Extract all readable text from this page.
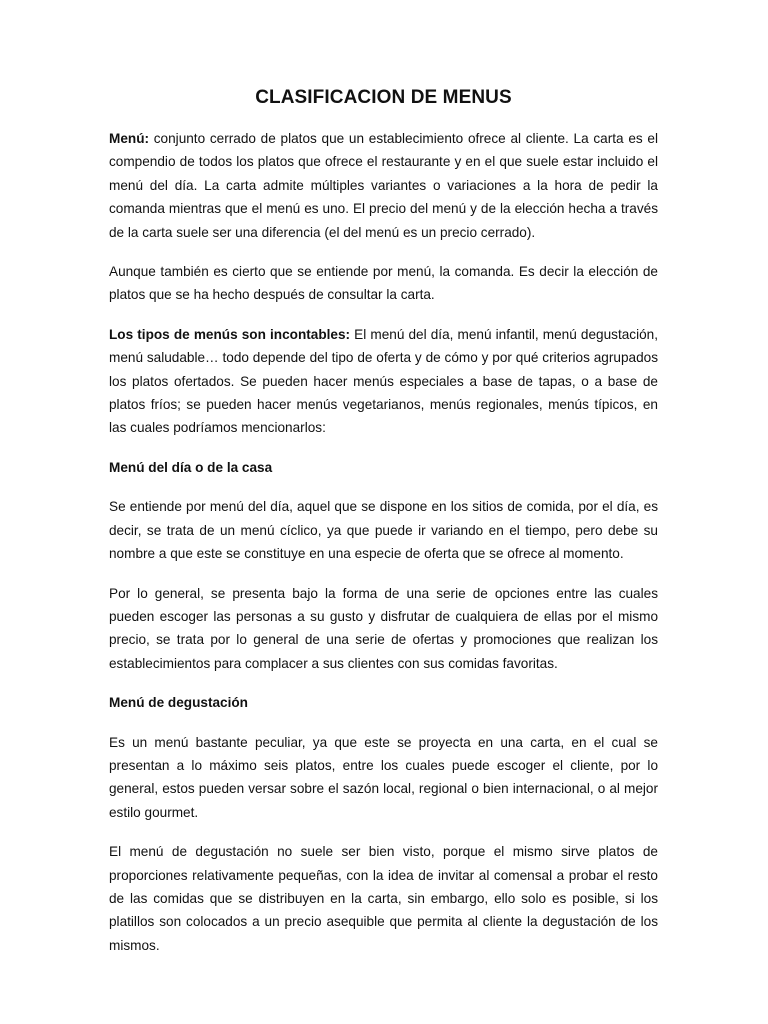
CLASIFICACION DE MENUS

Menú: conjunto cerrado de platos que un establecimiento ofrece al cliente. La carta es el compendio de todos los platos que ofrece el restaurante y en el que suele estar incluido el menú del día. La carta admite múltiples variantes o variaciones a la hora de pedir la comanda mientras que el menú es uno. El precio del menú y de la elección hecha a través de la carta suele ser una diferencia (el del menú es un precio cerrado).

Aunque también es cierto que se entiende por menú, la comanda. Es decir la elección de platos que se ha hecho después de consultar la carta.

Los tipos de menús son incontables: El menú del día, menú infantil, menú degustación, menú saludable… todo depende del tipo de oferta y de cómo y por qué criterios agrupados los platos ofertados. Se pueden hacer menús especiales a base de tapas, o a base de platos fríos; se pueden hacer menús vegetarianos, menús regionales, menús típicos, en las cuales podríamos mencionarlos:

Menú del día o de la casa

Se entiende por menú del día, aquel que se dispone en los sitios de comida, por el día, es decir, se trata de un menú cíclico, ya que puede ir variando en el tiempo, pero debe su nombre a que este se constituye en una especie de oferta que se ofrece al momento.

Por lo general, se presenta bajo la forma de una serie de opciones entre las cuales pueden escoger las personas a su gusto y disfrutar de cualquiera de ellas por el mismo precio, se trata por lo general de una serie de ofertas y promociones que realizan los establecimientos para complacer a sus clientes con sus comidas favoritas.

Menú de degustación

Es un menú bastante peculiar, ya que este se proyecta en una carta, en el cual se presentan a lo máximo seis platos, entre los cuales puede escoger el cliente, por lo general, estos pueden versar sobre el sazón local, regional o bien internacional, o al mejor estilo gourmet.

El menú de degustación no suele ser bien visto, porque el mismo sirve platos de proporciones relativamente pequeñas, con la idea de invitar al comensal a probar el resto de las comidas que se distribuyen en la carta, sin embargo, ello solo es posible, si los platillos son colocados a un precio asequible que permita al cliente la degustación de los mismos.
